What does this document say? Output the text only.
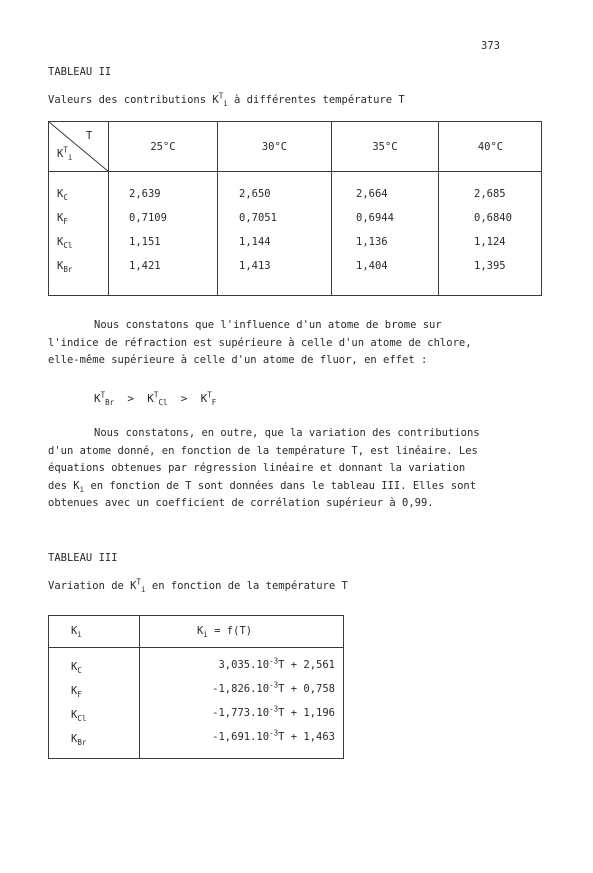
373
TABLEAU II
Valeurs des contributions $K^T_i$ à différentes température T
T
$K^T_i$
25°C	30°C	35°C	40°C
$K_C$	2,639	2,650	2,664	2,685
$K_F$	0,7109	0,7051	0,6944	0,6840
$K_{Cl}$	1,151	1,144	1,136	1,124
$K_{Br}$	1,421	1,413	1,404	1,395
Nous constatons que l'influence d'un atome de brome sur
l'indice de réfraction est supérieure à celle d'un atome de chlore,
elle-même supérieure à celle d'un atome de fluor, en effet :
$K^T_{Br} > K^T_{Cl} > K^T_F$
Nous constatons, en outre, que la variation des contributions
d'un atome donné, en fonction de la température T, est linéaire. Les
équations obtenues par régression linéaire et donnant la variation
des $K_i$ en fonction de T sont données dans le tableau III. Elles sont
obtenues avec un coefficient de corrélation supérieur à 0,99.
TABLEAU III
Variation de $K^T_i$ en fonction de la température T
$K_i$	$K_i = f(T)$
$K_C$	$3,035.10^{-3}T + 2,561$
$K_F$	$-1,826.10^{-3}T + 0,758$
$K_{Cl}$	$-1,773.10^{-3}T + 1,196$
$K_{Br}$	$-1,691.10^{-3}T + 1,463$
